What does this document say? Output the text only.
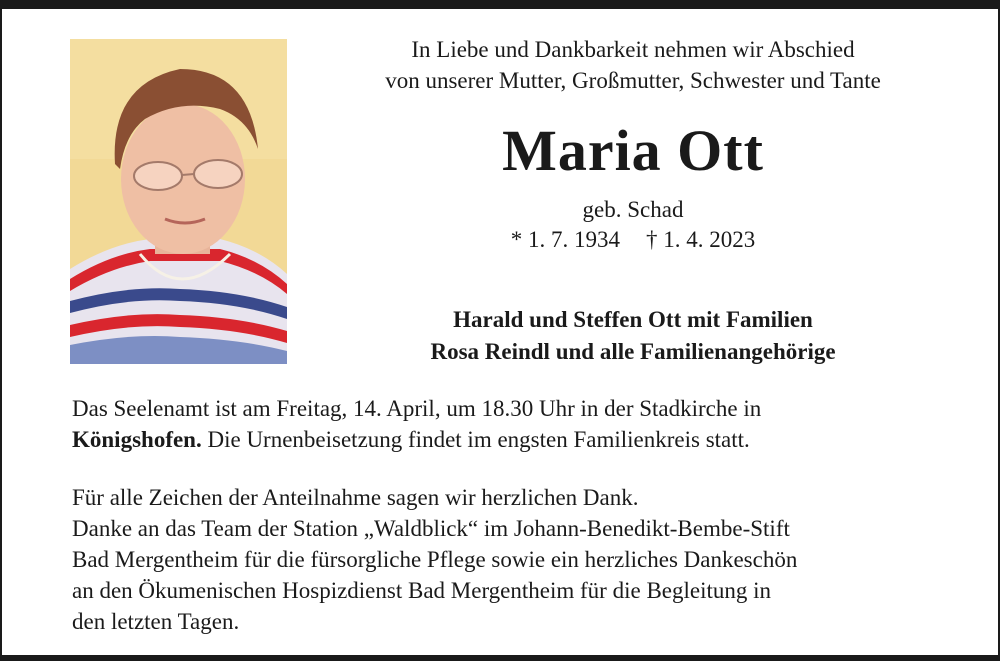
In Liebe und Dankbarkeit nehmen wir Abschied
von unserer Mutter, Großmutter, Schwester und Tante
Maria Ott
geb. Schad
* 1. 7. 1934 † 1. 4. 2023
Harald und Steffen Ott mit Familien
Rosa Reindl und alle Familienangehörige
Das Seelenamt ist am Freitag, 14. April, um 18.30 Uhr in der Stadkirche in
Königshofen. Die Urnenbeisetzung findet im engsten Familienkreis statt.
Für alle Zeichen der Anteilnahme sagen wir herzlichen Dank.
Danke an das Team der Station „Waldblick“ im Johann-Benedikt-Bembe-Stift
Bad Mergentheim für die fürsorgliche Pflege sowie ein herzliches Dankeschön
an den Ökumenischen Hospizdienst Bad Mergentheim für die Begleitung in
den letzten Tagen.
